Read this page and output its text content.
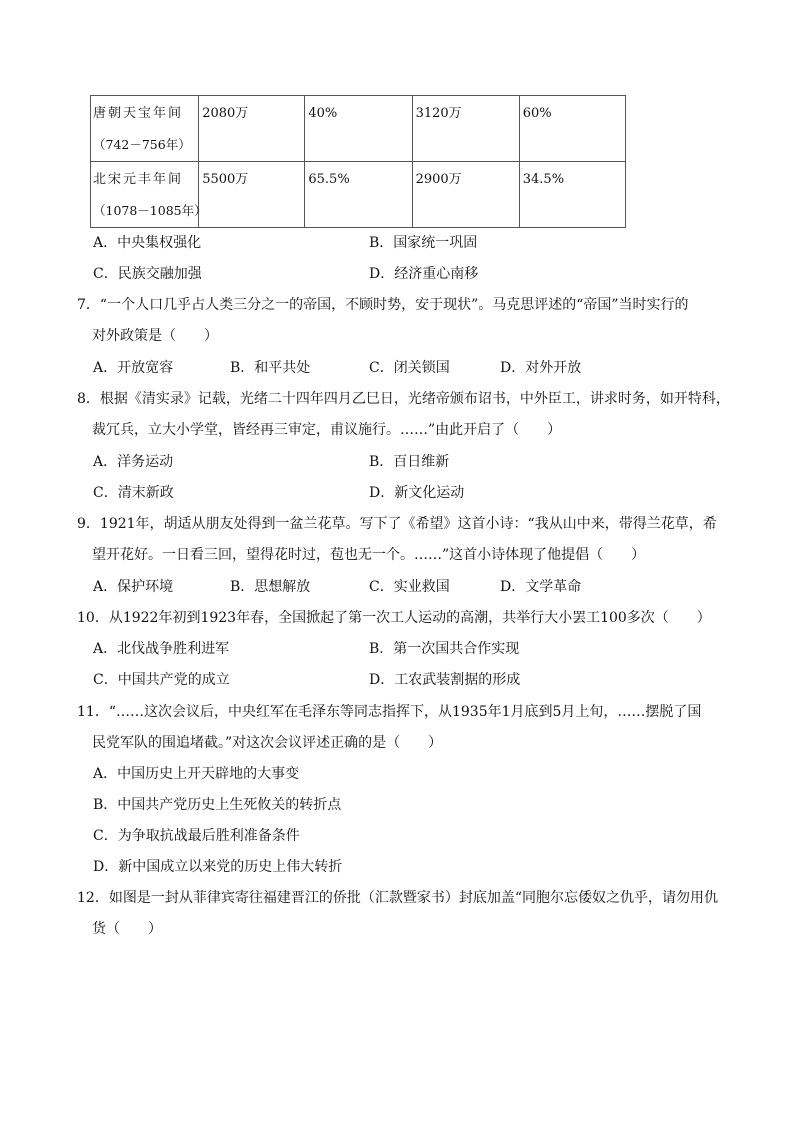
唐朝天宝年间
（742－756年）	2080万	40%	3120万	60%

北宋元丰年间
（1078－1085年）	5500万	65.5%	2900万	34.5%
A．中央集权强化	B．国家统一巩固
C．民族交融加强	D．经济重心南移
7．“一个人口几乎占人类三分之一的帝国，不顾时势，安于现状”。马克思评述的“帝国”当时实行的
对外政策是（　　）
A．开放宽容	B．和平共处	C．闭关锁国	D．对外开放
8．根据《清实录》记载，光绪二十四年四月乙巳日，光绪帝颁布诏书，中外臣工，讲求时务，如开特科，
裁冗兵，立大小学堂，皆经再三审定，甫议施行。……”由此开启了（　　）
A．洋务运动	B．百日维新
C．清末新政	D．新文化运动
9．1921年，胡适从朋友处得到一盆兰花草。写下了《希望》这首小诗：“我从山中来，带得兰花草，希
望开花好。一日看三回，望得花时过，苞也无一个。……”这首小诗体现了他提倡（　　）
A．保护环境	B．思想解放	C．实业救国	D．文学革命
10．从1922年初到1923年春，全国掀起了第一次工人运动的高潮，共举行大小罢工100多次（　　）
A．北伐战争胜利进军	B．第一次国共合作实现
C．中国共产党的成立	D．工农武装割据的形成
11．“……这次会议后，中央红军在毛泽东等同志指挥下，从1935年1月底到5月上旬，……摆脱了国
民党军队的围追堵截。”对这次会议评述正确的是（　　）
A．中国历史上开天辟地的大事变
B．中国共产党历史上生死攸关的转折点
C．为争取抗战最后胜利准备条件
D．新中国成立以来党的历史上伟大转折
12．如图是一封从菲律宾寄往福建晋江的侨批（汇款暨家书）封底加盖“同胞尔忘倭奴之仇乎，请勿用仇
货（　　）
